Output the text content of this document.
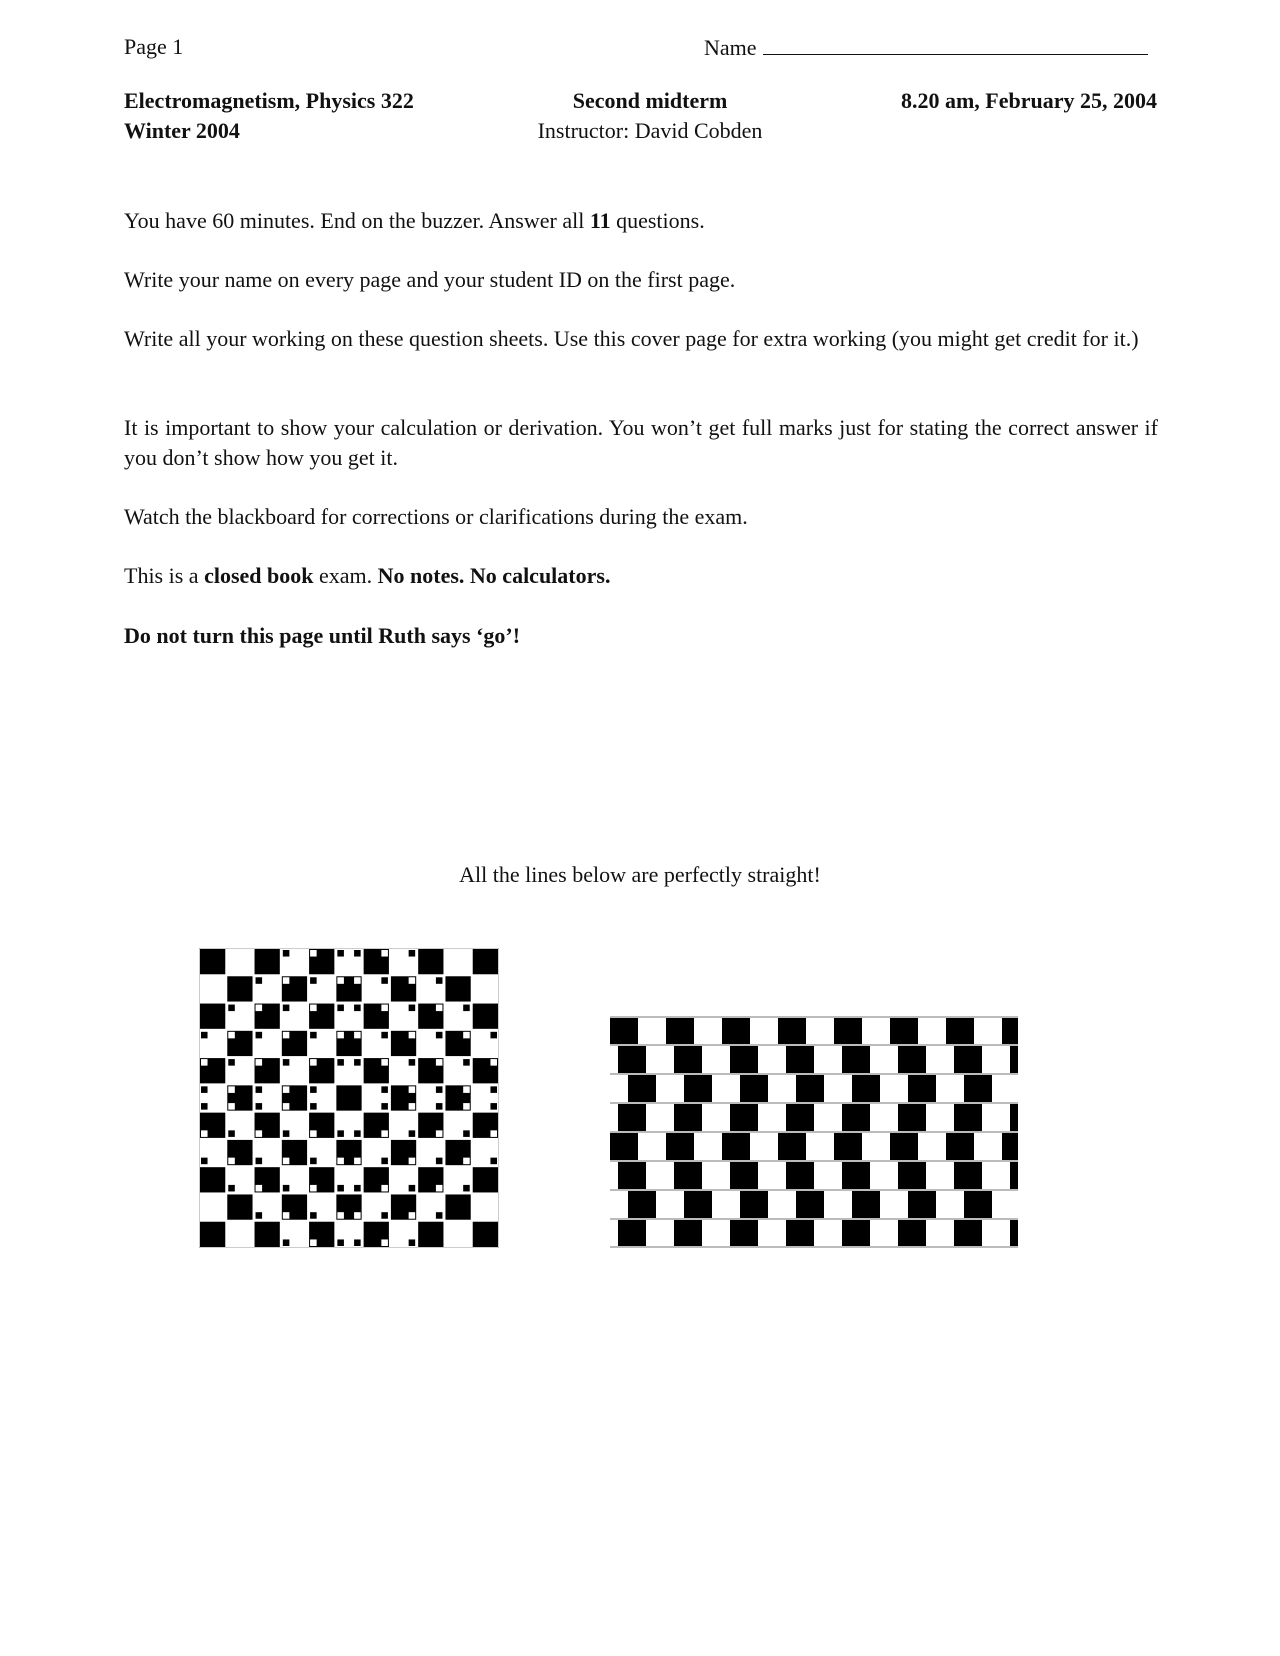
Page 1	Name
Electromagnetism, Physics 322
Winter 2004
Second midterm
Instructor: David Cobden
8.20 am, February 25, 2004
You have 60 minutes. End on the buzzer. Answer all 11 questions.
Write your name on every page and your student ID on the first page.
Write all your working on these question sheets. Use this cover page for extra working (you might get credit for it.)
It is important to show your calculation or derivation. You won’t get full marks just for stating the correct answer if you don’t show how you get it.
Watch the blackboard for corrections or clarifications during the exam.
This is a closed book exam. No notes. No calculators.
Do not turn this page until Ruth says ‘go’!
All the lines below are perfectly straight!
